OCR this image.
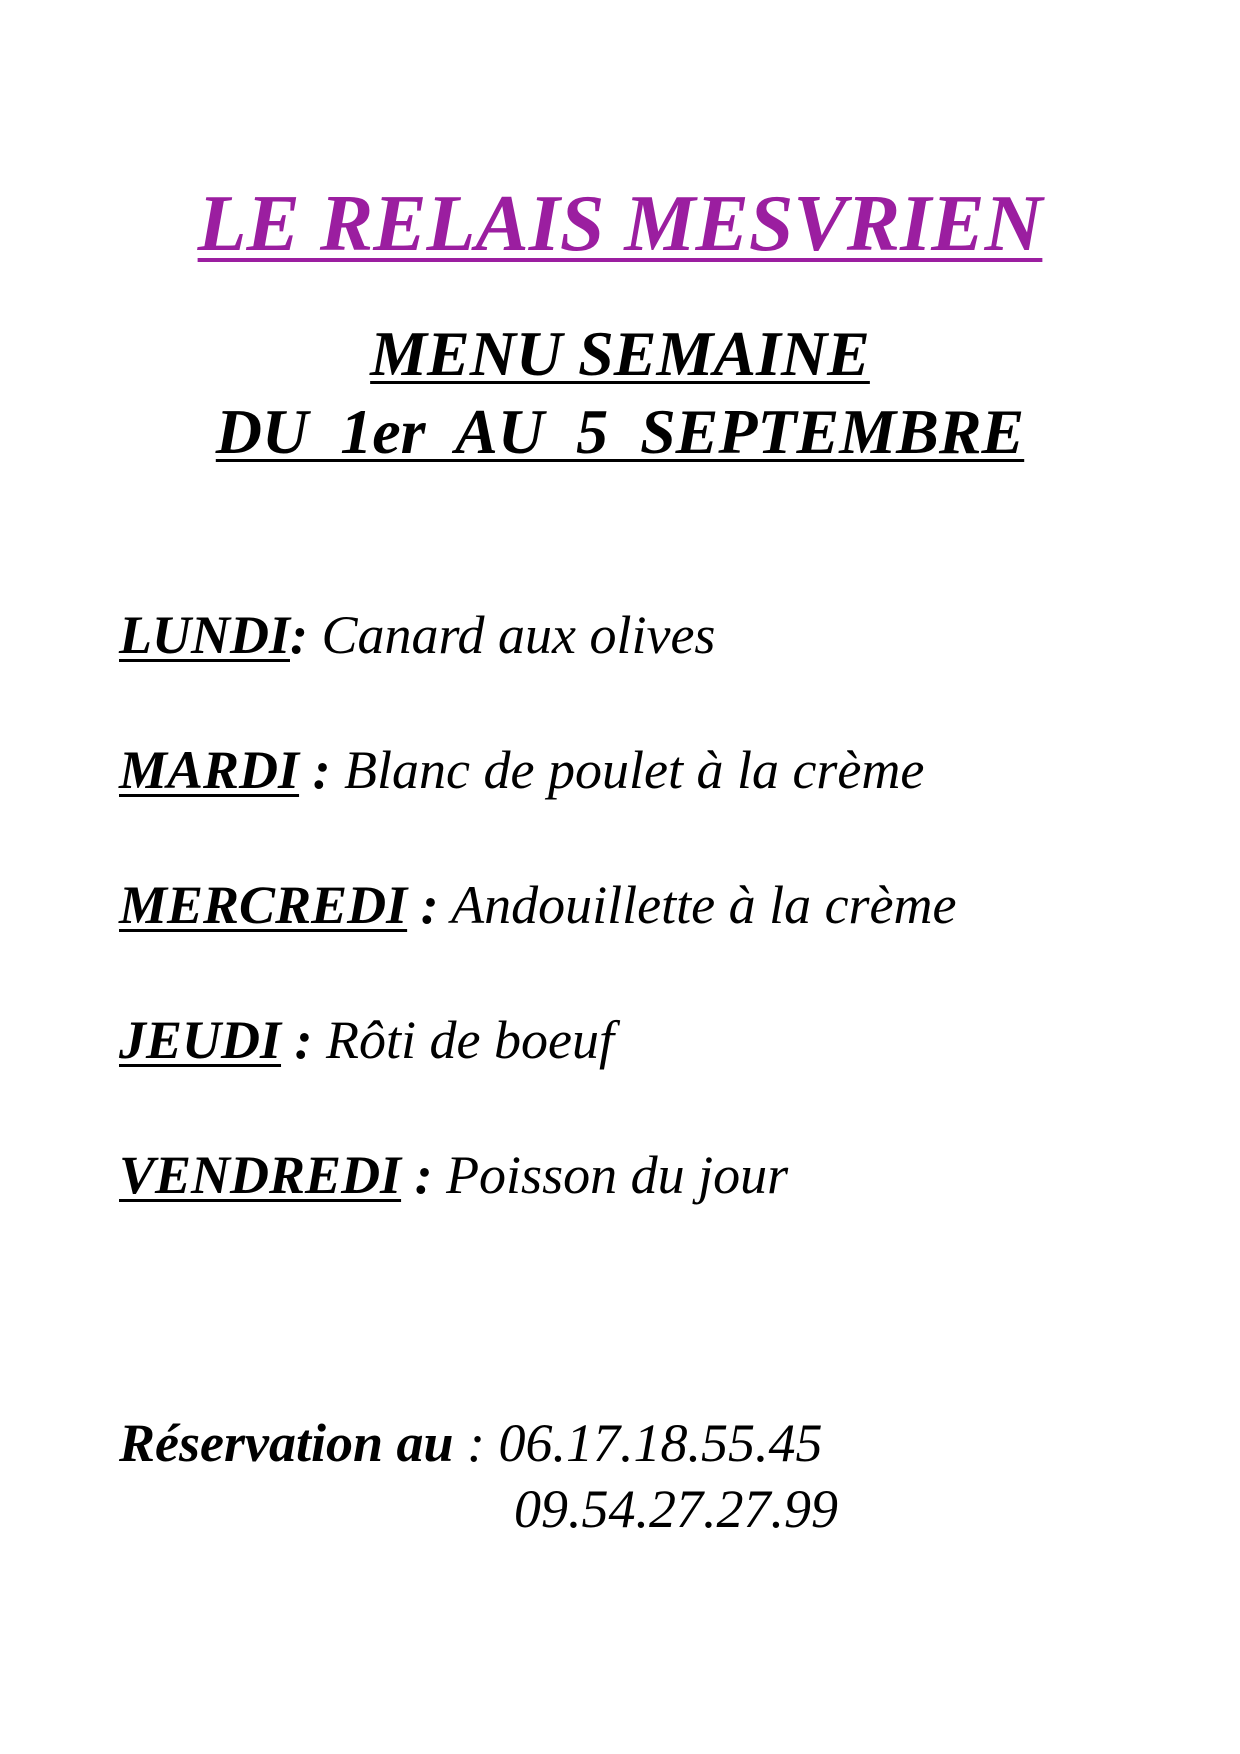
LE RELAIS MESVRIEN
MENU SEMAINE
DU  1er  AU  5  SEPTEMBRE
LUNDI: Canard aux olives
MARDI : Blanc de poulet à la crème
MERCREDI : Andouillette à la crème
JEUDI : Rôti de boeuf
VENDREDI : Poisson du jour
Réservation au : 06.17.18.55.45
09.54.27.27.99
